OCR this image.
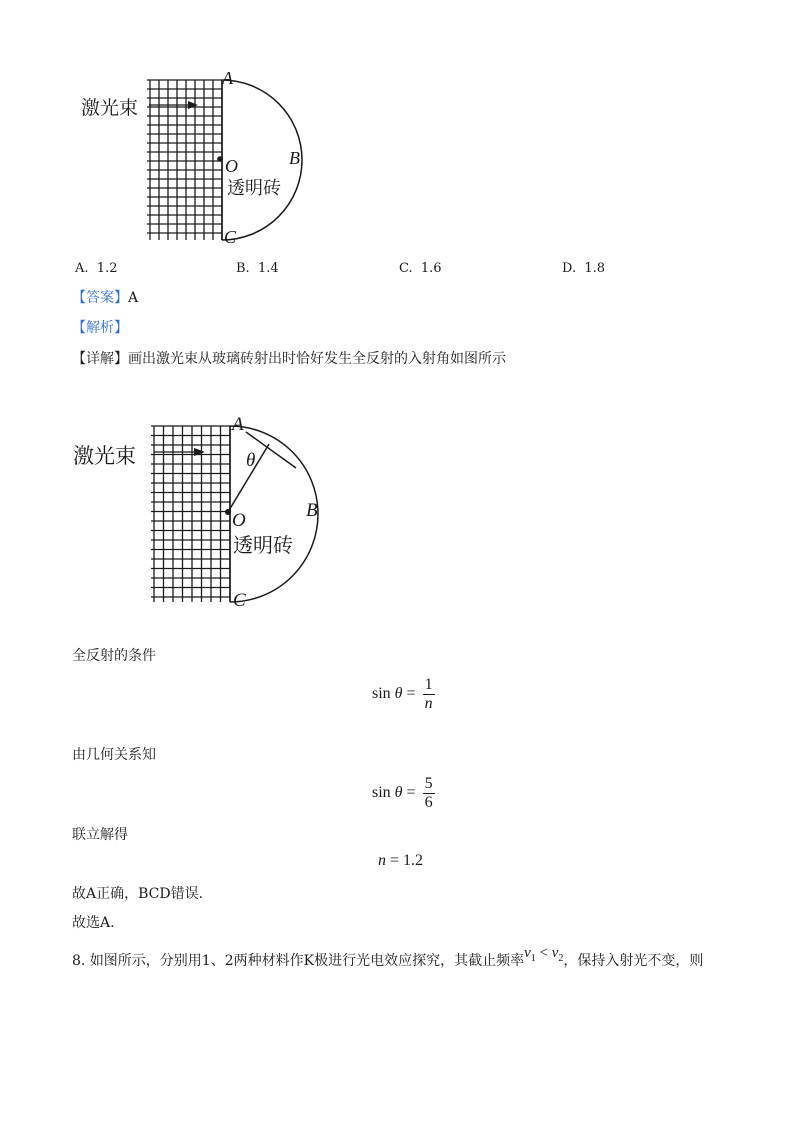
激光束
A
B
O
透明砖
C
A. 1.2	B. 1.4	C. 1.6	D. 1.8
【答案】A
【解析】
【详解】画出激光束从玻璃砖射出时恰好发生全反射的入射角如图所示
激光束
A
θ
B
O
透明砖
C
全反射的条件
$\sin \theta = \frac{1}{n}$
由几何关系知
$\sin \theta = \frac{5}{6}$
联立解得
n = 1.2
故A正确，BCD错误.
故选A.
8. 如图所示，分别用1、2两种材料作K极进行光电效应探究，其截止频率$\nu_1 < \nu_2$，保持入射光不变，则
